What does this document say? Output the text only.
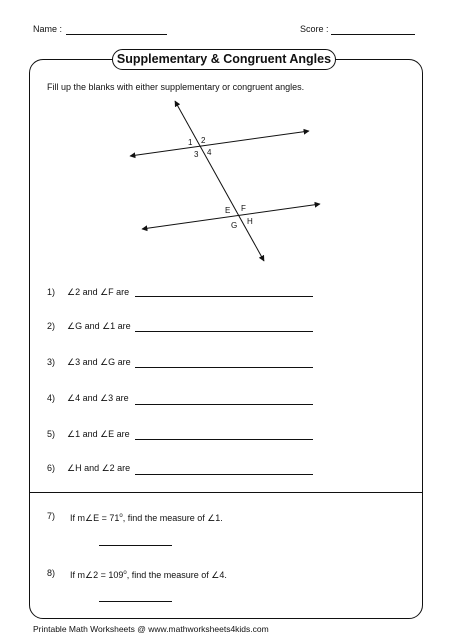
Name :	Score :
Supplementary & Congruent Angles
Fill up the blanks with either supplementary or congruent angles.
1 2
3 4
E F
G H
1)	∠2 and ∠F are
2)	∠G and ∠1 are
3)	∠3 and ∠G are
4)	∠4 and ∠3 are
5)	∠1 and ∠E are
6)	∠H and ∠2 are
7)	If m∠E = $71^o$, find the measure of ∠1.
8)	If m∠2 = $109^o$, find the measure of ∠4.
Printable Math Worksheets @ www.mathworksheets4kids.com
